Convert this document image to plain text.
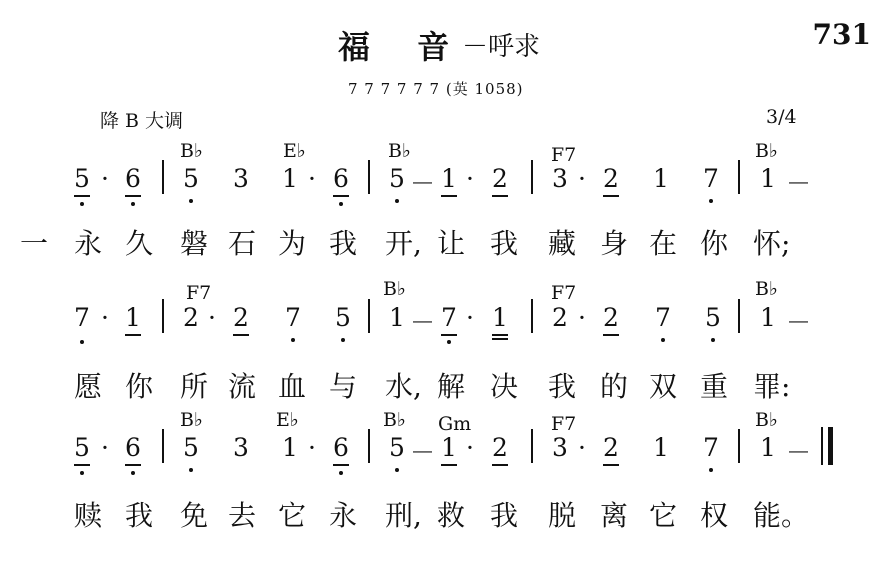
福 音
－呼求	731
7 7 7 7 7 7 (英 1058)
降 B 大调	3/4
B♭	E♭	B♭	F7	B♭
5 · 6 5 3 1 · 6 5 － 1 · 2 3 · 2 1 7 1 －
一 永 久 磐 石 为 我 开, 让 我 藏 身 在 你 怀;
F7	B♭	F7	B♭
7 · 1 2 · 2 7 5 1 － 7 · 1 2 · 2 7 5 1 －
愿 你 所 流 血 与 水, 解 决 我 的 双 重 罪:
B♭	E♭	B♭ Gm	F7	B♭
5 · 6 5 3 1 · 6 5 － 1 · 2 3 · 2 1 7 1 －
赎 我 免 去 它 永 刑, 救 我 脱 离 它 权 能。
